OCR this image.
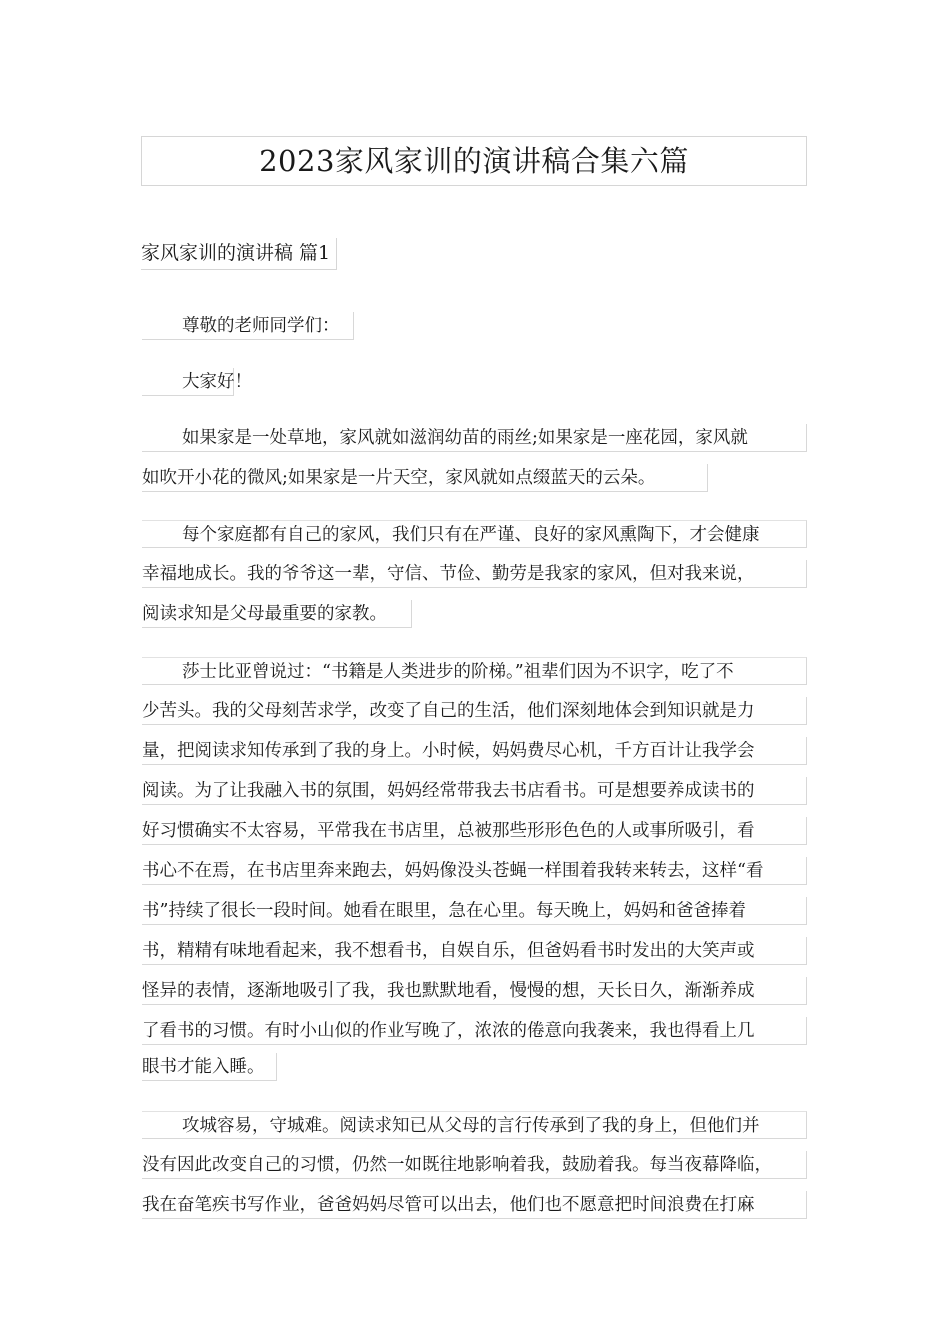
2023家风家训的演讲稿合集六篇
家风家训的演讲稿 篇1
尊敬的老师同学们：
大家好！
如果家是一处草地，家风就如滋润幼苗的雨丝;如果家是一座花园，家风就
如吹开小花的微风;如果家是一片天空，家风就如点缀蓝天的云朵。
每个家庭都有自己的家风，我们只有在严谨、良好的家风熏陶下，才会健康
幸福地成长。我的爷爷这一辈，守信、节俭、勤劳是我家的家风，但对我来说，
阅读求知是父母最重要的家教。
莎士比亚曾说过：“书籍是人类进步的阶梯。”祖辈们因为不识字，吃了不
少苦头。我的父母刻苦求学，改变了自己的生活，他们深刻地体会到知识就是力
量，把阅读求知传承到了我的身上。小时候，妈妈费尽心机，千方百计让我学会
阅读。为了让我融入书的氛围，妈妈经常带我去书店看书。可是想要养成读书的
好习惯确实不太容易，平常我在书店里，总被那些形形色色的人或事所吸引，看
书心不在焉，在书店里奔来跑去，妈妈像没头苍蝇一样围着我转来转去，这样“看
书”持续了很长一段时间。她看在眼里，急在心里。每天晚上，妈妈和爸爸捧着
书，精精有味地看起来，我不想看书，自娱自乐，但爸妈看书时发出的大笑声或
怪异的表情，逐渐地吸引了我，我也默默地看，慢慢的想，天长日久，渐渐养成
了看书的习惯。有时小山似的作业写晚了，浓浓的倦意向我袭来，我也得看上几
眼书才能入睡。
攻城容易，守城难。阅读求知已从父母的言行传承到了我的身上，但他们并
没有因此改变自己的习惯，仍然一如既往地影响着我，鼓励着我。每当夜幕降临，
我在奋笔疾书写作业，爸爸妈妈尽管可以出去，他们也不愿意把时间浪费在打麻
